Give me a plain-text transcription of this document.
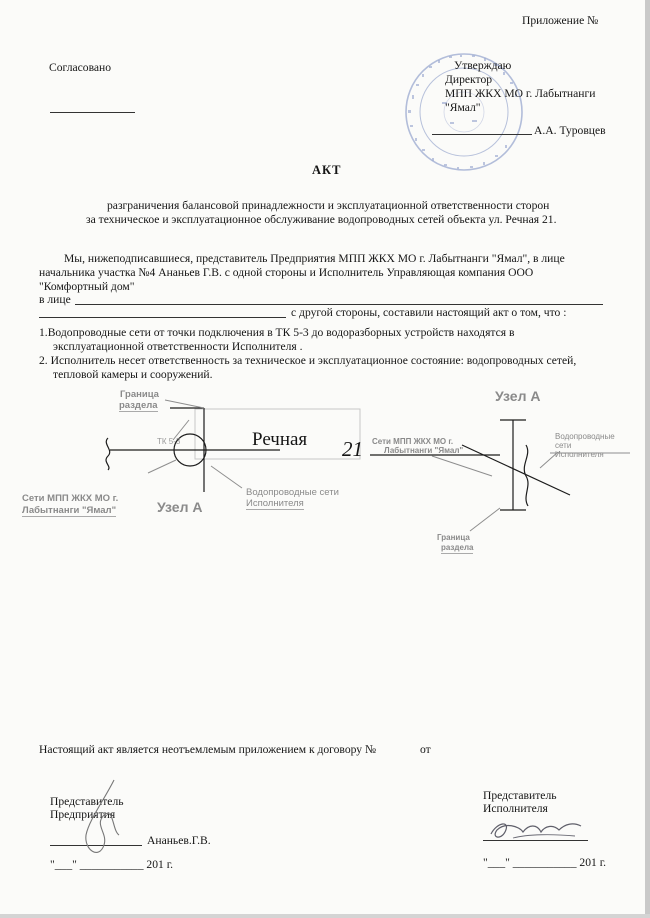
Приложение №
Согласовано	Утверждаю
Директор
МПП ЖКХ МО г. Лабытнанги
"Ямал"
А.А. Туровцев
АКТ
разграничения балансовой принадлежности и эксплуатационной ответственности сторон
за техническое и эксплуатационное обслуживание водопроводных сетей объекта ул. Речная 21.
Мы, нижеподписавшиеся, представитель Предприятия МПП ЖКХ МО г. Лабытнанги "Ямал", в лице
начальника участка №4 Ананьев Г.В. с одной стороны и Исполнитель Управляющая компания ООО
"Комфортный дом"
в лице
с другой стороны, составили настоящий акт о том, что :
1.Водопроводные сети от точки подключения в ТК 5-3 до водоразборных устройств находятся в
эксплуатационной ответственности Исполнителя .
2. Исполнитель несет ответственность за техническое и эксплуатационное состояние: водопроводных сетей,
тепловой камеры и сооружений.
Граница
раздела
ТК 5-3	Речная 21
Сети МПП ЖКХ МО г.
Лабытнанги "Ямал"	Узел А
Водопроводные сети
Исполнителя
Узел А
Сети МПП ЖКХ МО г.
Лабытнанги "Ямал"
Водопроводные
сети
Исполнителя
Граница
раздела
Настоящий акт является неотъемлемым приложением к договору №	от
Представитель
Предприятия
Ананьев.Г.В.
"___" ___________ 201 г.
Представитель
Исполнителя
"___" ___________ 201 г.
